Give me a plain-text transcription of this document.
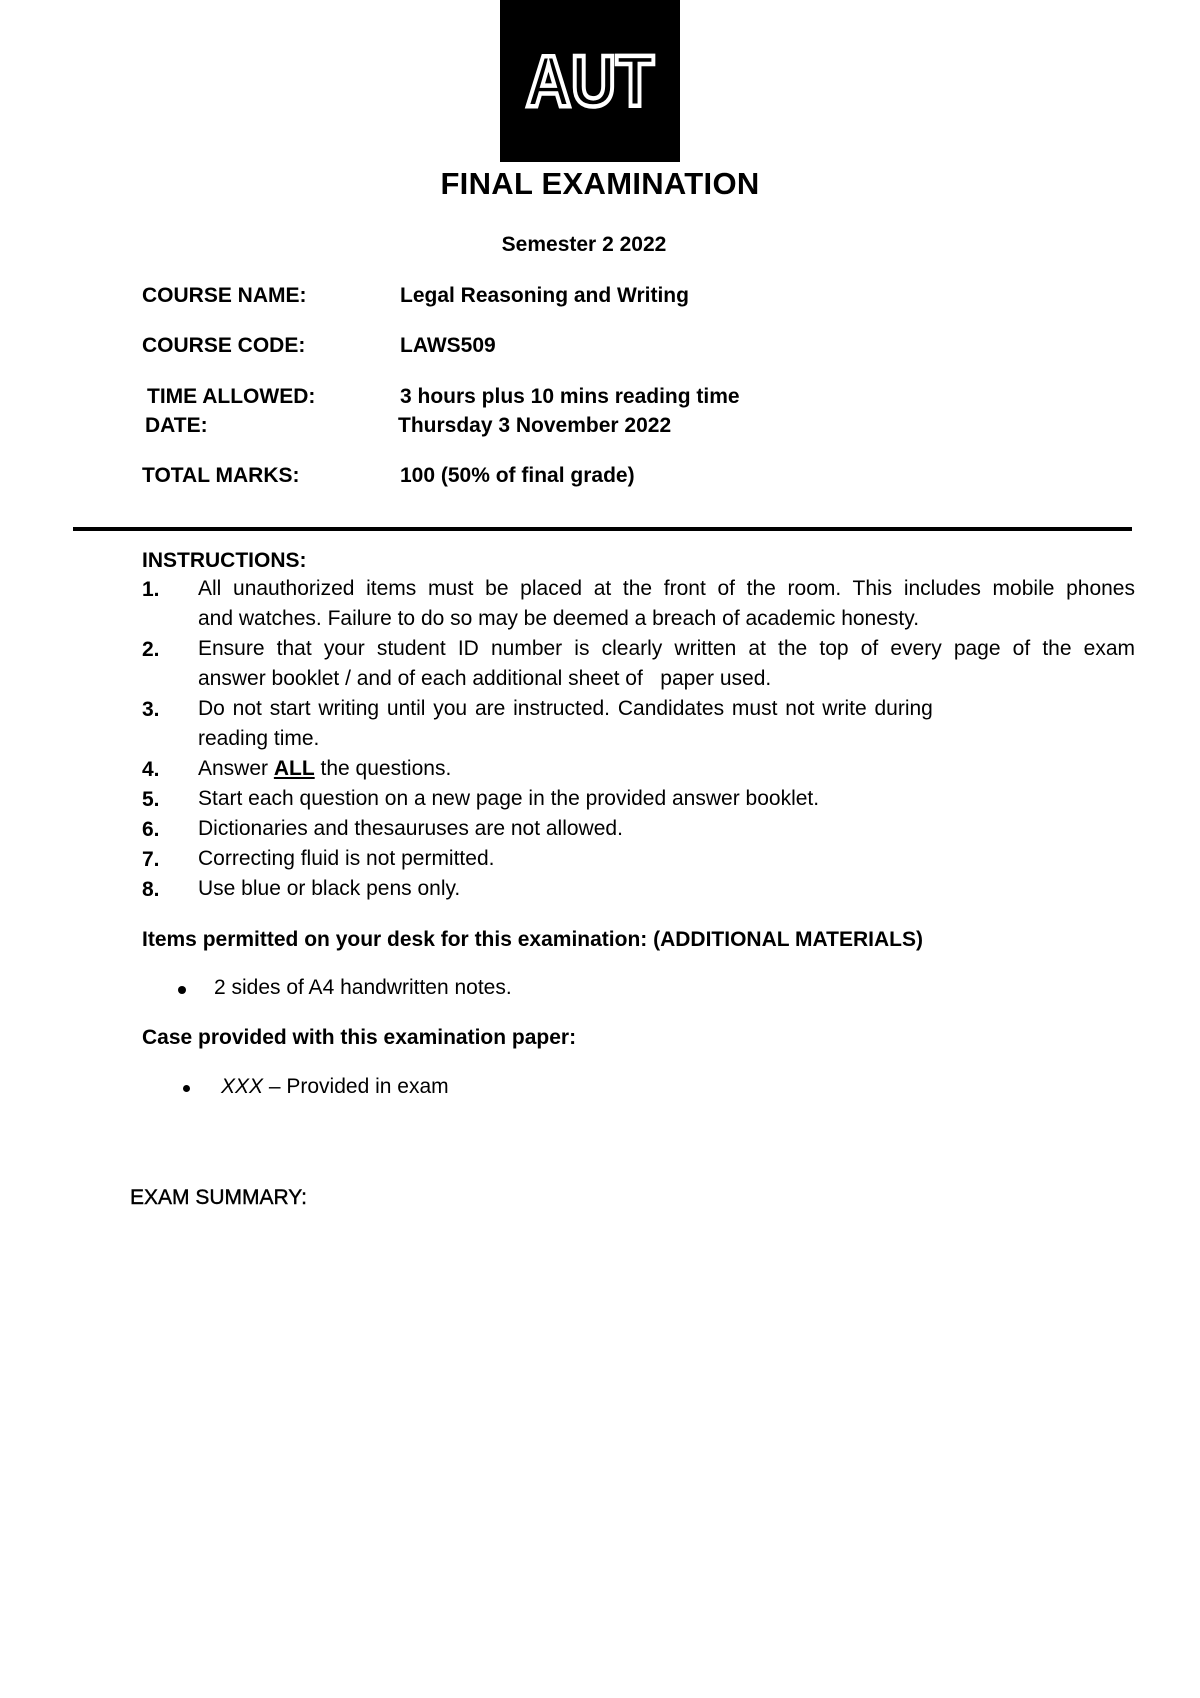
AUT
FINAL EXAMINATION
Semester 2 2022
COURSE NAME:	Legal Reasoning and Writing
COURSE CODE:	LAWS509
TIME ALLOWED:	3 hours plus 10 mins reading time
DATE:	Thursday 3 November 2022
TOTAL MARKS:	100 (50% of final grade)
INSTRUCTIONS:
1. All unauthorized items must be placed at the front of the room. This includes mobile phones
and watches. Failure to do so may be deemed a breach of academic honesty.
2. Ensure that your student ID number is clearly written at the top of every page of the exam
answer booklet / and of each additional sheet of   paper used.
3. Do not start writing until you are instructed. Candidates must not write during
reading time.
4. Answer ALL the questions.
5. Start each question on a new page in the provided answer booklet.
6. Dictionaries and thesauruses are not allowed.
7. Correcting fluid is not permitted.
8. Use blue or black pens only.
Items permitted on your desk for this examination: (ADDITIONAL MATERIALS)
2 sides of A4 handwritten notes.
Case provided with this examination paper:
XXX – Provided in exam
EXAM SUMMARY:
